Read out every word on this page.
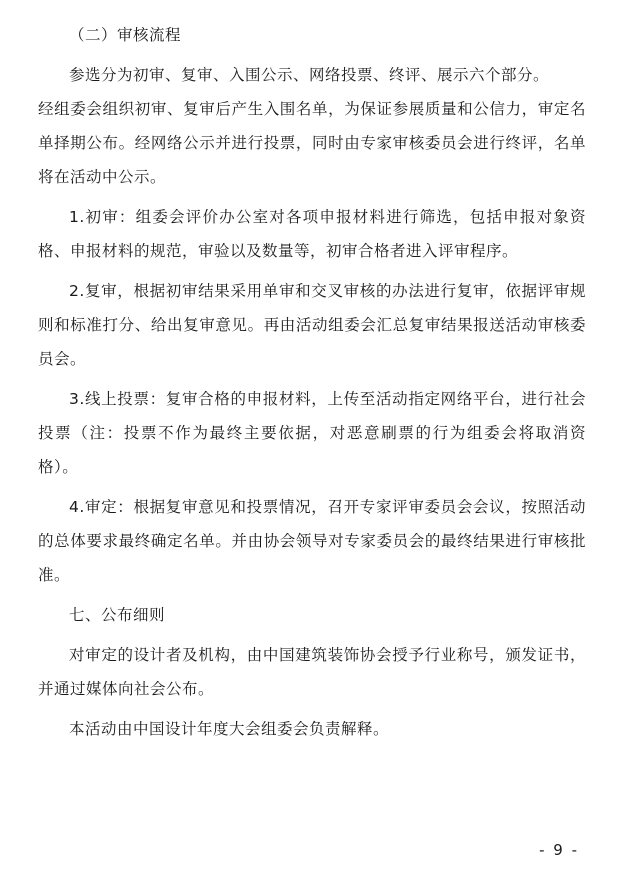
（二）审核流程

参选分为初审、复审、入围公示、网络投票、终评、展示六个部分。

经组委会组织初审、复审后产生入围名单，为保证参展质量和公信力，审定名单择期公布。经网络公示并进行投票，同时由专家审核委员会进行终评，名单将在活动中公示。

1.初审：组委会评价办公室对各项申报材料进行筛选，包括申报对象资格、申报材料的规范，审验以及数量等，初审合格者进入评审程序。

2.复审，根据初审结果采用单审和交叉审核的办法进行复审，依据评审规则和标准打分、给出复审意见。再由活动组委会汇总复审结果报送活动审核委员会。

3.线上投票：复审合格的申报材料，上传至活动指定网络平台，进行社会投票（注：投票不作为最终主要依据，对恶意刷票的行为组委会将取消资格）。

4.审定：根据复审意见和投票情况，召开专家评审委员会会议，按照活动的总体要求最终确定名单。并由协会领导对专家委员会的最终结果进行审核批准。

七、公布细则

对审定的设计者及机构，由中国建筑装饰协会授予行业称号，颁发证书，并通过媒体向社会公布。

本活动由中国设计年度大会组委会负责解释。

- 9 -
